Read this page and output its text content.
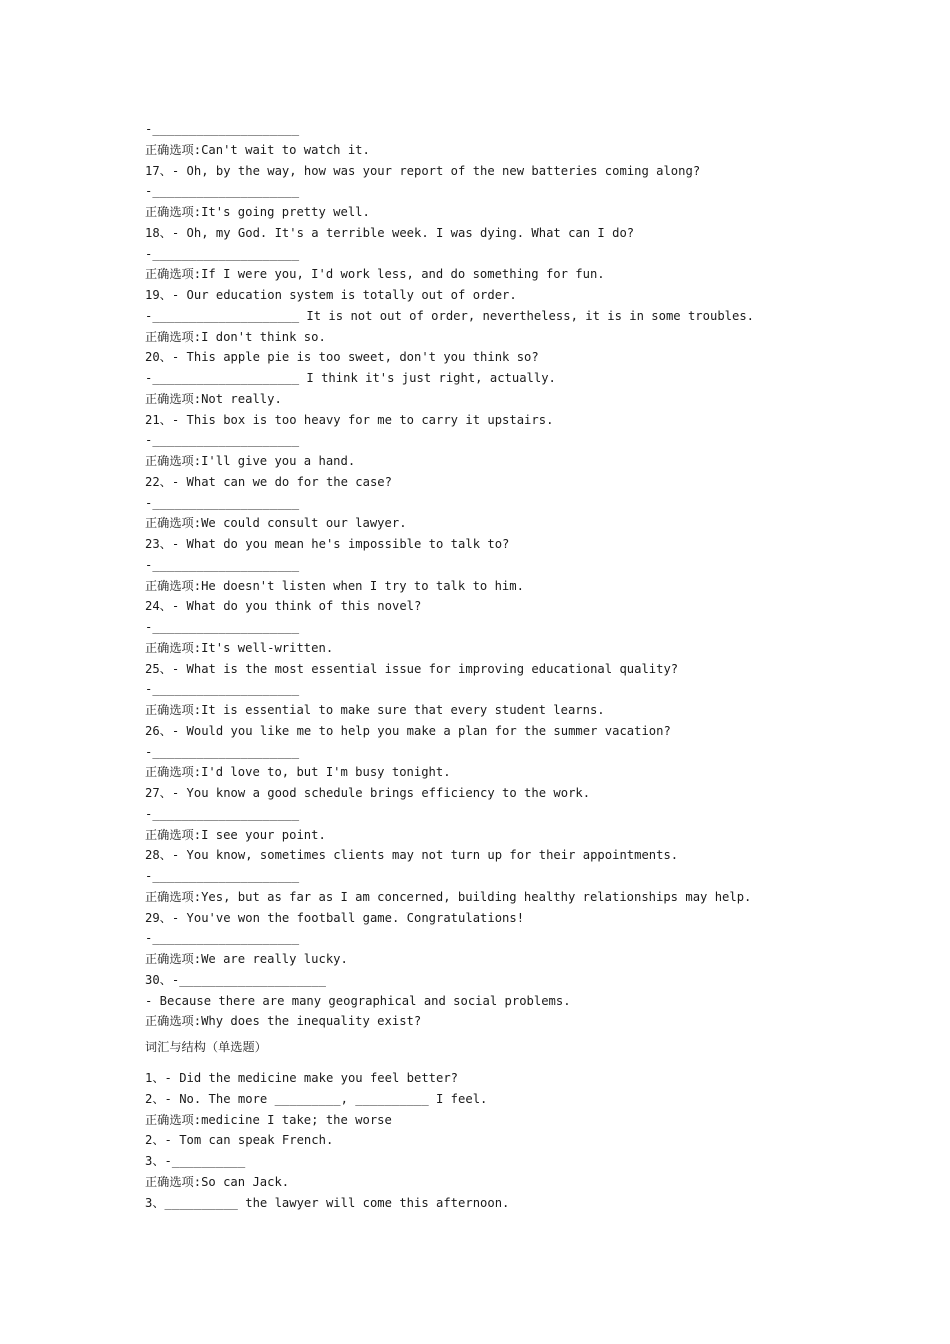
-____________________
正确选项:Can't wait to watch it.
17、- Oh, by the way, how was your report of the new batteries coming along?
-____________________
正确选项:It's going pretty well.
18、- Oh, my God. It's a terrible week. I was dying. What can I do?
-____________________
正确选项:If I were you, I'd work less, and do something for fun.
19、- Our education system is totally out of order.
-____________________ It is not out of order, nevertheless, it is in some troubles.
正确选项:I don't think so.
20、- This apple pie is too sweet, don't you think so?
-____________________ I think it's just right, actually.
正确选项:Not really.
21、- This box is too heavy for me to carry it upstairs.
-____________________
正确选项:I'll give you a hand.
22、- What can we do for the case?
-____________________
正确选项:We could consult our lawyer.
23、- What do you mean he's impossible to talk to?
-____________________
正确选项:He doesn't listen when I try to talk to him.
24、- What do you think of this novel?
-____________________
正确选项:It's well-written.
25、- What is the most essential issue for improving educational quality?
-____________________
正确选项:It is essential to make sure that every student learns.
26、- Would you like me to help you make a plan for the summer vacation?
-____________________
正确选项:I'd love to, but I'm busy tonight.
27、- You know a good schedule brings efficiency to the work.
-____________________
正确选项:I see your point.
28、- You know, sometimes clients may not turn up for their appointments.
-____________________
正确选项:Yes, but as far as I am concerned, building healthy relationships may help.
29、- You've won the football game. Congratulations!
-____________________
正确选项:We are really lucky.
30、-____________________
- Because there are many geographical and social problems.
正确选项:Why does the inequality exist?
词汇与结构（单选题）
1、- Did the medicine make you feel better?
2、- No. The more _________, __________ I feel.
正确选项:medicine I take; the worse
2、- Tom can speak French.
3、-__________
正确选项:So can Jack.
3、__________ the lawyer will come this afternoon.
